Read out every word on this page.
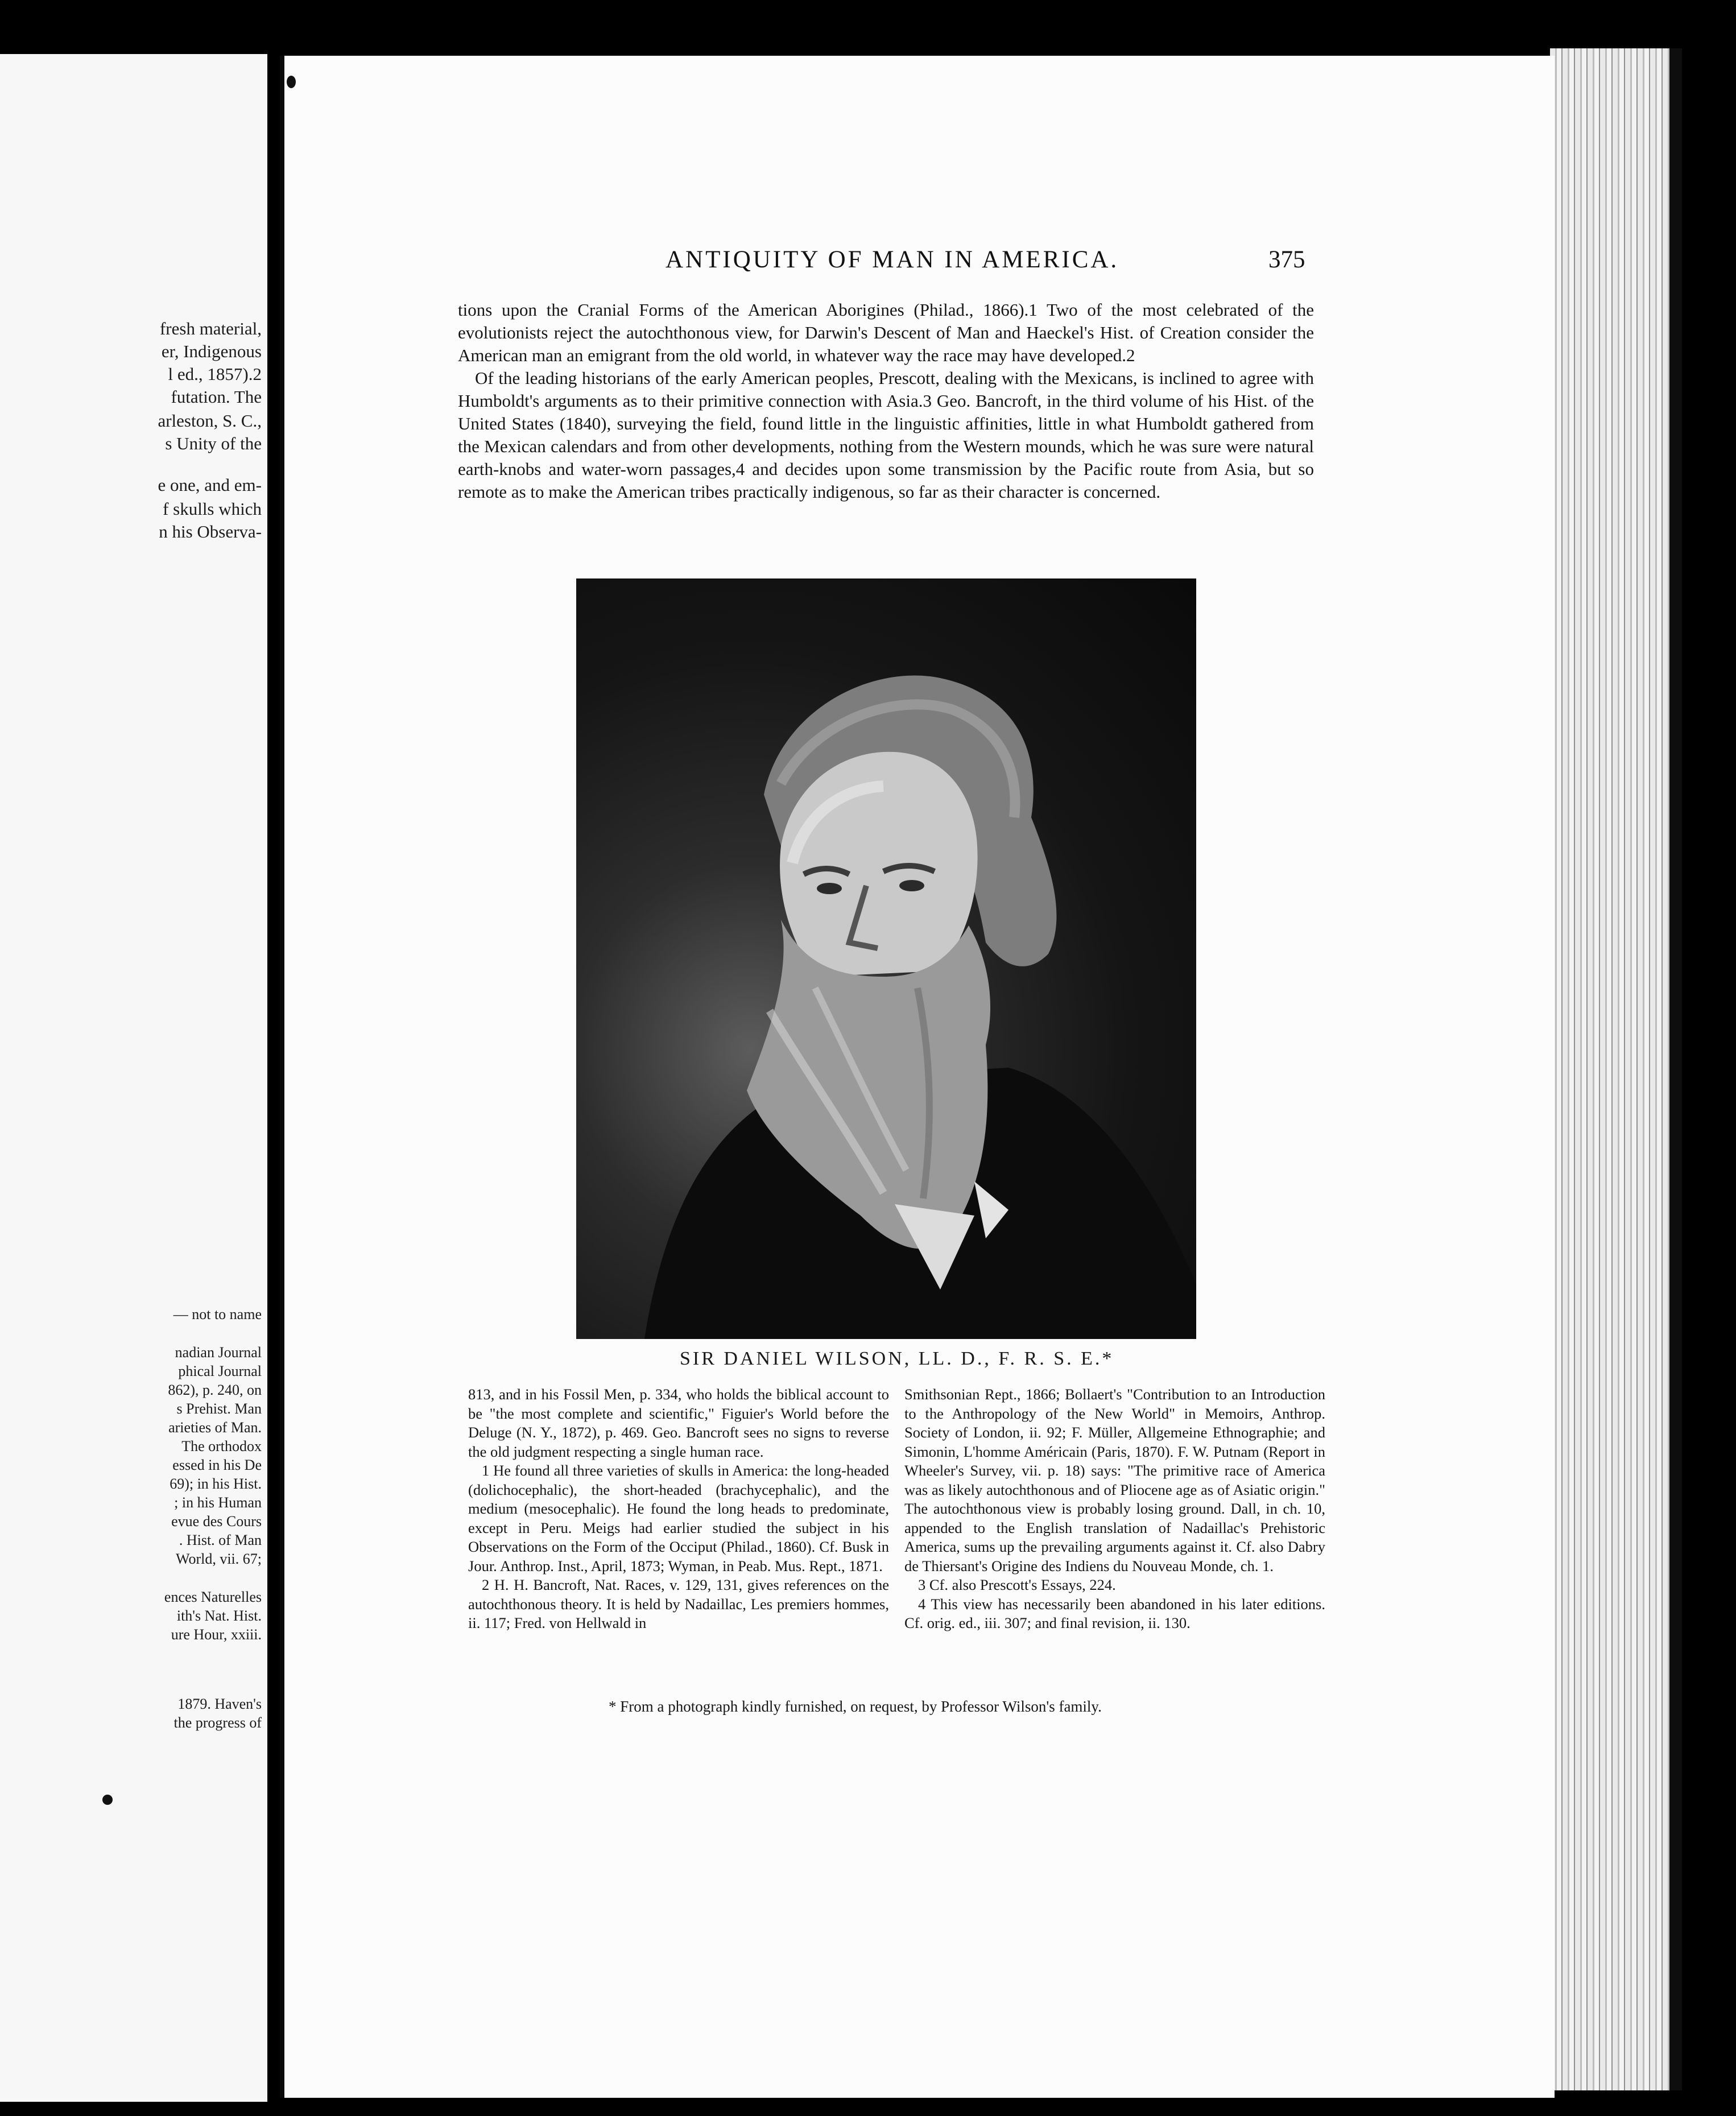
fresh material,
er, Indigenous
l ed., 1857).2
futation. The
arleston, S. C.,
s Unity of the
e one, and em-
f skulls which
n his Observa-
— not to name
nadian Journal
phical Journal
862), p. 240, on
s Prehist. Man
arieties of Man.
The orthodox
essed in his De
69); in his Hist.
; in his Human
evue des Cours
. Hist. of Man
World, vii. 67;
ences Naturelles
ith's Nat. Hist.
ure Hour, xxiii.
1879. Haven's
the progress of
ANTIQUITY OF MAN IN AMERICA.	375

tions upon the Cranial Forms of the American Aborigines (Philad., 1866).1 Two of the most celebrated of the evolutionists reject the autochthonous view, for Darwin's Descent of Man and Haeckel's Hist. of Creation consider the American man an emigrant from the old world, in whatever way the race may have developed.2

Of the leading historians of the early American peoples, Prescott, dealing with the Mexicans, is inclined to agree with Humboldt's arguments as to their primitive connection with Asia.3 Geo. Bancroft, in the third volume of his Hist. of the United States (1840), surveying the field, found little in the linguistic affinities, little in what Humboldt gathered from the Mexican calendars and from other developments, nothing from the Western mounds, which he was sure were natural earth-knobs and water-worn passages,4 and decides upon some transmission by the Pacific route from Asia, but so remote as to make the American tribes practically indigenous, so far as their character is concerned.

SIR DANIEL WILSON, LL. D., F. R. S. E.*

813, and in his Fossil Men, p. 334, who holds the biblical account to be "the most complete and scientific," Figuier's World before the Deluge (N. Y., 1872), p. 469. Geo. Bancroft sees no signs to reverse the old judgment respecting a single human race.

1 He found all three varieties of skulls in America: the long-headed (dolichocephalic), the short-headed (brachycephalic), and the medium (mesocephalic). He found the long heads to predominate, except in Peru. Meigs had earlier studied the subject in his Observations on the Form of the Occiput (Philad., 1860). Cf. Busk in Jour. Anthrop. Inst., April, 1873; Wyman, in Peab. Mus. Rept., 1871.

2 H. H. Bancroft, Nat. Races, v. 129, 131, gives references on the autochthonous theory. It is held by Nadaillac, Les premiers hommes, ii. 117; Fred. von Hellwald in

Smithsonian Rept., 1866; Bollaert's "Contribution to an Introduction to the Anthropology of the New World" in Memoirs, Anthrop. Society of London, ii. 92; F. Müller, Allgemeine Ethnographie; and Simonin, L'homme Américain (Paris, 1870). F. W. Putnam (Report in Wheeler's Survey, vii. p. 18) says: "The primitive race of America was as likely autochthonous and of Pliocene age as of Asiatic origin." The autochthonous view is probably losing ground. Dall, in ch. 10, appended to the English translation of Nadaillac's Prehistoric America, sums up the prevailing arguments against it. Cf. also Dabry de Thiersant's Origine des Indiens du Nouveau Monde, ch. 1.

3 Cf. also Prescott's Essays, 224.

4 This view has necessarily been abandoned in his later editions. Cf. orig. ed., iii. 307; and final revision, ii. 130.

* From a photograph kindly furnished, on request, by Professor Wilson's family.
